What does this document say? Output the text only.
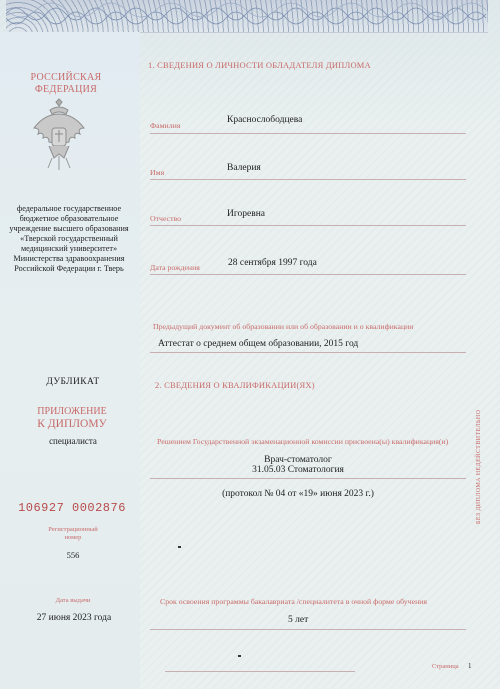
РОССИЙСКАЯ ФЕДЕРАЦИЯ
федеральное государственное бюджетное образовательное учреждение высшего образования «Тверской государственный медицинский университет» Министерства здравоохранения Российской Федерации г. Тверь
ДУБЛИКАТ
ПРИЛОЖЕНИЕ
К ДИПЛОМУ
специалиста
106927 0002876
Регистрационный номер
556
Дата выдачи
27 июня 2023 года
1. СВЕДЕНИЯ О ЛИЧНОСТИ ОБЛАДАТЕЛЯ ДИПЛОМА
Фамилия
Краснослободцева
Имя	Валерия
Отчество	Игоревна
Дата рождения	28 сентября 1997 года
Предыдущий документ об образовании или об образовании и о квалификации
Аттестат о среднем общем образовании, 2015 год
2. СВЕДЕНИЯ О КВАЛИФИКАЦИИ(ЯХ)
Решением Государственной экзаменационной комиссии присвоена(ы) квалификация(и)
Врач-стоматолог
31.05.03 Стоматология
(протокол № 04 от «19» июня 2023 г.)
Срок освоения программы бакалавриата /специалитета в очной форме обучения
5 лет
БЕЗ ДИПЛОМА НЕДЕЙСТВИТЕЛЬНО
Страница 1
